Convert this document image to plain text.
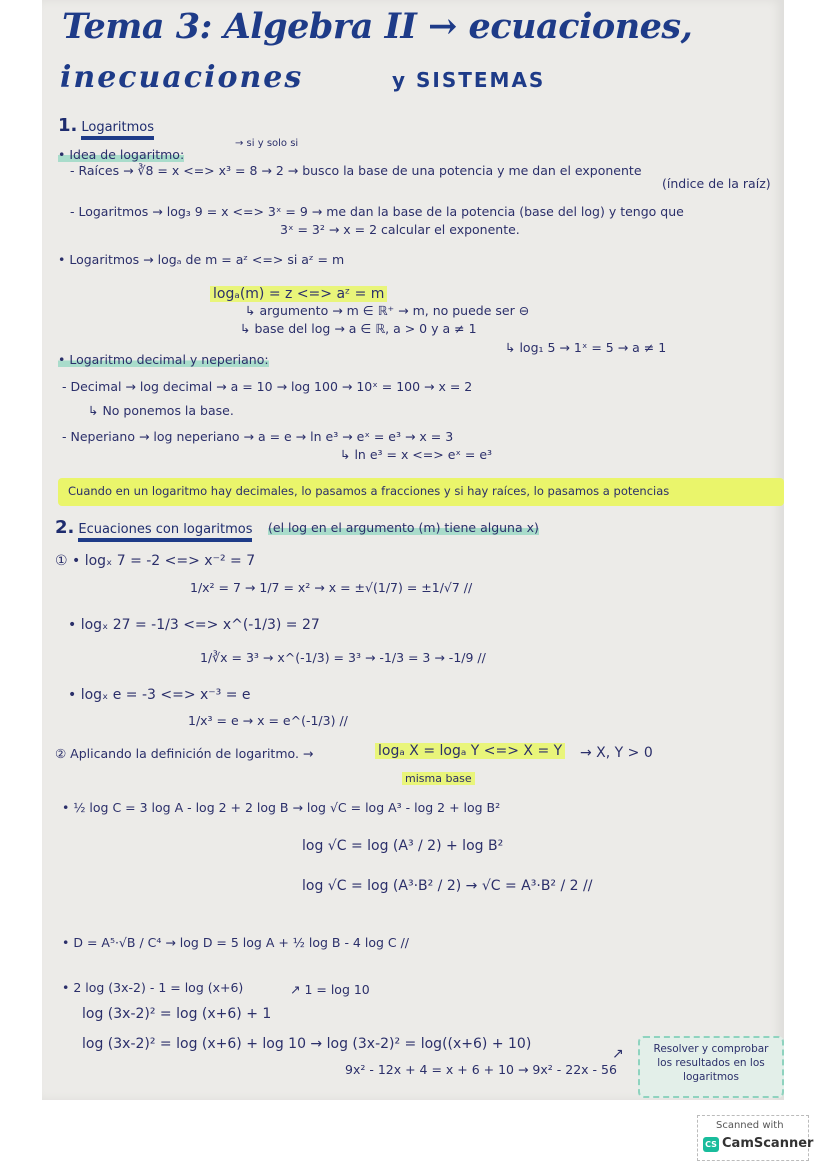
Tema 3: Algebra II → ecuaciones,
inecuaciones	y SISTEMAS
1. Logaritmos
• Idea de logaritmo:
→ si y solo si
- Raíces → ∛8 = x <=> x³ = 8 → 2 → busco la base de una potencia y me dan el exponente
(índice de la raíz)
- Logaritmos → log₃ 9 = x <=> 3ˣ = 9 → me dan la base de la potencia (base del log) y tengo que
3ˣ = 3² → x = 2 calcular el exponente.
• Logaritmos → logₐ de m = aᶻ <=> si aᶻ = m
logₐ(m) = z <=> aᶻ = m
↳ argumento → m ∈ ℝ⁺ → m, no puede ser ⊖
↳ base del log → a ∈ ℝ, a > 0 y a ≠ 1
↳ log₁ 5 → 1ˣ = 5 → a ≠ 1
• Logaritmo decimal y neperiano:
- Decimal → log decimal → a = 10 → log 100 → 10ˣ = 100 → x = 2
↳ No ponemos la base.
- Neperiano → log neperiano → a = e → ln e³ → eˣ = e³ → x = 3
↳ ln e³ = x <=> eˣ = e³
Cuando en un logaritmo hay decimales, lo pasamos a fracciones y si hay raíces, lo pasamos a potencias
2. Ecuaciones con logaritmos (el log en el argumento (m) tiene alguna x)
① • logₓ 7 = -2 <=> x⁻² = 7
1/x² = 7 → 1/7 = x² → x = ±√(1/7) = ±1/√7 //
• logₓ 27 = -1/3 <=> x^(-1/3) = 27
1/∛x = 3³ → x^(-1/3) = 3³ → -1/3 = 3 → -1/9 //
• logₓ e = -3 <=> x⁻³ = e
1/x³ = e → x = e^(-1/3) //
② Aplicando la definición de logaritmo. →	logₐ X = logₐ Y <=> X = Y → X, Y > 0
misma base
• ½ log C = 3 log A - log 2 + 2 log B → log √C = log A³ - log 2 + log B²
log √C = log (A³ / 2) + log B²
log √C = log (A³·B² / 2) → √C = A³·B² / 2 //
• D = A⁵·√B / C⁴ → log D = 5 log A + ½ log B - 4 log C //
• 2 log (3x-2) - 1 = log (x+6)	↗ 1 = log 10
log (3x-2)² = log (x+6) + 1
log (3x-2)² = log (x+6) + log 10 → log (3x-2)² = log((x+6) + 10)
9x² - 12x + 4 = x + 6 + 10 → 9x² - 22x - 56
↗	Resolver y comprobar los resultados en los logaritmos
Scanned with
CS CamScanner
